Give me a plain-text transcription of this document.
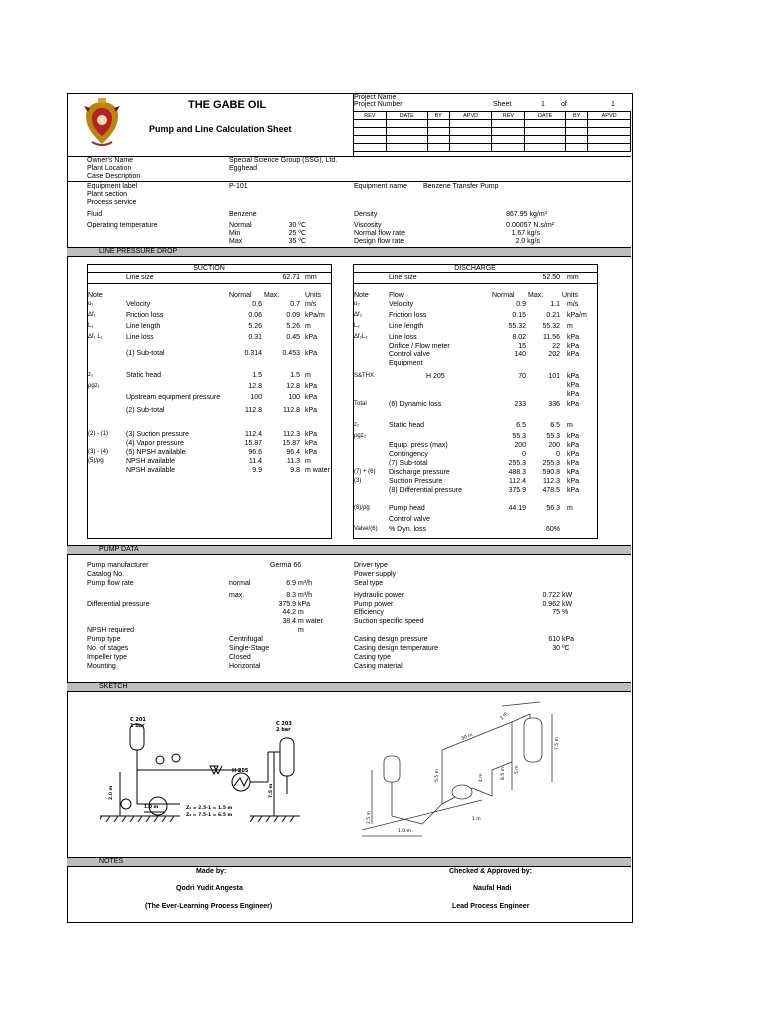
THE GABE OIL
Pump and Line Calculation Sheet
Project Name
Project Number	Sheet	1 of	1
REV	DATE	BY	APVD	REV	DATE	BY	APVD

Owner's Name	Special Science Group (SSG), Ltd.
Plant Location	Egghead
Case Description
Equipment label	P-101	Equipment name Benzene Transfer Pump
Plant section
Process service
Fluid	Benzene	Density	867.95 kg/m³
Operating temperature	Normal	30 ºC
Min	25 ºC
Max	35 ºC
Viscosity	0.00057 N.s/m²
Normal flow rate	1.67 kg/s
Design flow rate	2.0 kg/s
LINE PRESSURE DROP
SUCTION
Line size	62.71 mm
Note	Normal Max.	Units
u₁	Velocity	0.6	0.7 m/s
Δf₁	Friction loss	0.06	0.09 kPa/m
L₁	Line length	5.26	5.26 m
Δf₁ L₁	Line loss	0.31	0.45 kPa
(1) Sub-total	0.314	0.453 kPa
z₁	Static head	1.5	1.5 m
ρgz₁	12.8	12.8 kPa
Upstream equipment pressure	100	100 kPa
(2) Sub-total	112.8	112.8 kPa
(2) - (1)	(3) Suction pressure	112.4	112.3 kPa
(4) Vapor pressure	15.87	15.87 kPa
(3) - (4)	(5) NPSH available	96.6	96.4 kPa
(5)/ρg	NPSH available	11.4	11.3 m
NPSH available	9.9	9.8 m water
DISCHARGE
Line size	52.50 mm
Note	Flow	Normal Max.	Units
u₂	Velocity	0.9	1.1 m/s
Δf₂	Friction loss	0.15	0.21 kPa/m
L₂	Line length	55.32	55.32 m
Δf₂L₂	Line loss	8.02	11.56 kPa
Orifice / Flow meter	15	22 kPa
Control valve	140	202 kPa
Equipment
S&THX	H 205	70	101 kPa
kPa
kPa
Total	(6) Dynamic loss	233	336 kPa
z₂	Static head	6.5	6.5 m
ρgz₂	55.3	55.3 kPa
Equip. press (max)	200	200 kPa
Contingency	0	0 kPa
(7) Sub-total	255.3	255.3 kPa
(7) + (6) Discharge pressure	488.3	590.8 kPa
(3)	Suction Pressure	112.4	112.3 kPa
(8) Differential pressure	375.9	478.5 kPa
(8)/ρg	Pump head	44.19	56.3 m
Control valve
Valve/(6) % Dyn. loss	60%
PUMP DATA
Pump manufacturer	Germa 66
Catalog No.
Pump flow rate	normal	6.9 m³/h
max.	8.3 m³/h
Differential pressure	375.9 kPa
44.2 m
38.4 m water
NPSH required	m
Pump type	Centrifugal
No. of stages	Single-Stage
Impeller type	Closed
Mounting	Horizontal
Driver type
Power supply
Seal type
Hydraulic power	0.722 kW
Pump power	0.962 kW
Efficiency	75 %
Suction specific speed
Casing design pressure	610 kPa
Casing design temperature	30 ºC
Casing type
Casing material
SKETCH
C 201
1 bar	C 203
2 bar
H 205
2.0 m
1.0 m
7.5 m
Z₁ = 2.5-1 = 1.5 m
Z₂ = 7.5-1 = 6.5 m
30 m
2 m
7.5 m
5 m
4 m
5.5 m	8.5 m
2.5 m	1 m
1.0 m
NOTES
Made by:
Qodri Yudit Angesta
(The Ever-Learning Process Engineer)
Checked & Approved by:
Naufal Hadi
Lead Process Engineer
